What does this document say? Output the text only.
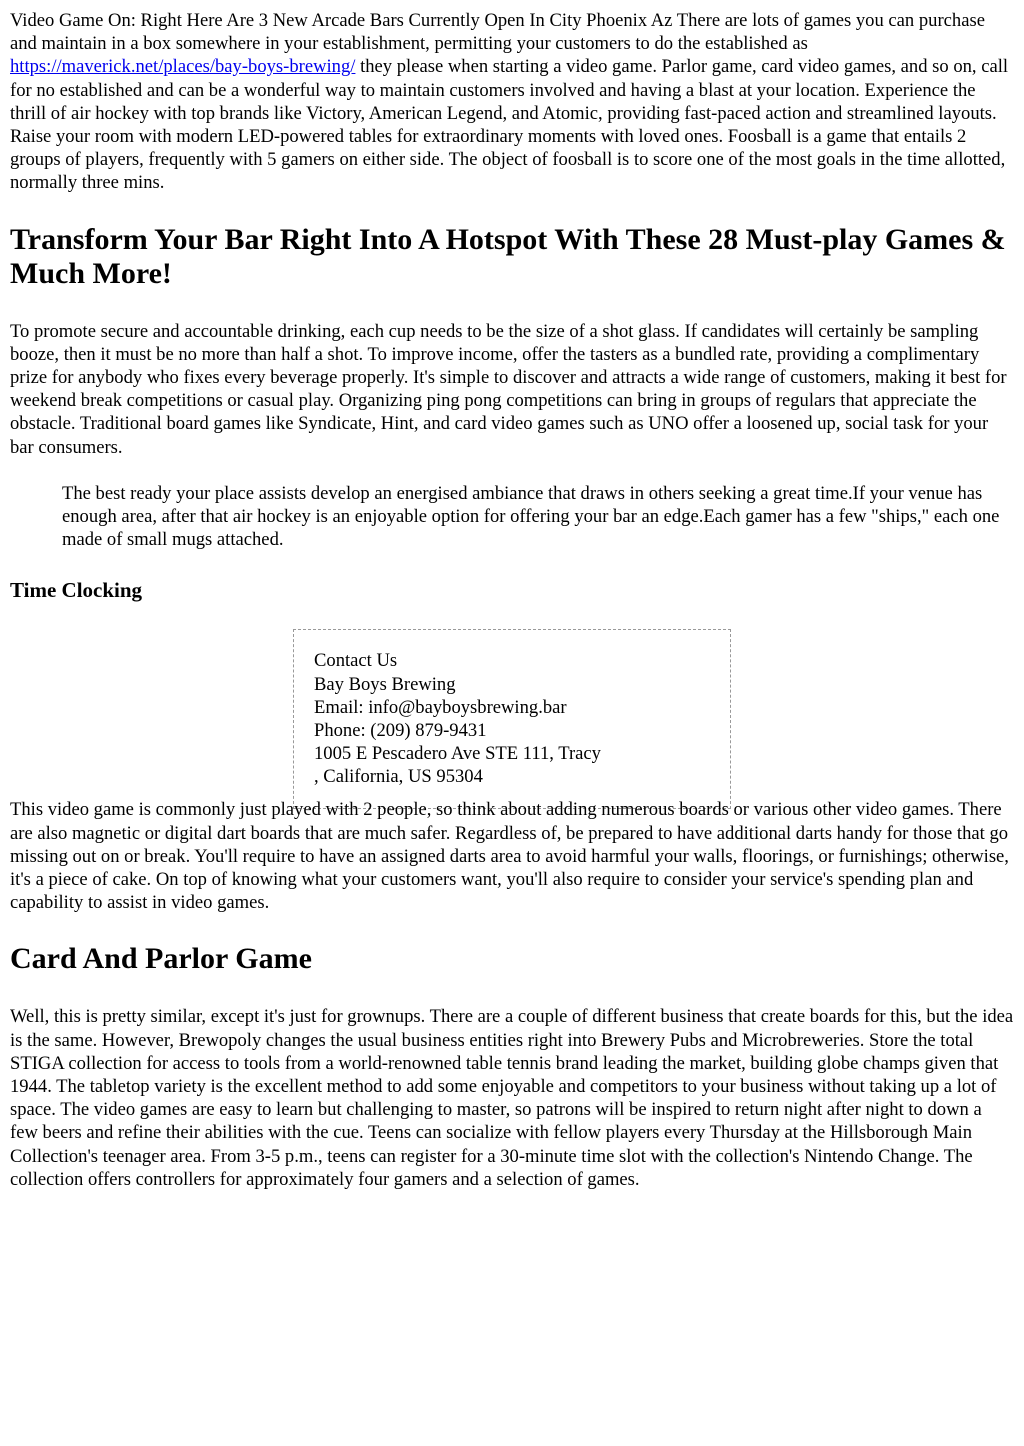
Video Game On: Right Here Are 3 New Arcade Bars Currently Open In City Phoenix Az There are lots of games you can purchase and maintain in a box somewhere in your establishment, permitting your customers to do the established as https://maverick.net/places/bay-boys-brewing/ they please when starting a video game. Parlor game, card video games, and so on, call for no established and can be a wonderful way to maintain customers involved and having a blast at your location. Experience the thrill of air hockey with top brands like Victory, American Legend, and Atomic, providing fast-paced action and streamlined layouts. Raise your room with modern LED-powered tables for extraordinary moments with loved ones. Foosball is a game that entails 2 groups of players, frequently with 5 gamers on either side. The object of foosball is to score one of the most goals in the time allotted, normally three mins.

Transform Your Bar Right Into A Hotspot With These 28 Must-play Games & Much More!

To promote secure and accountable drinking, each cup needs to be the size of a shot glass. If candidates will certainly be sampling booze, then it must be no more than half a shot. To improve income, offer the tasters as a bundled rate, providing a complimentary prize for anybody who fixes every beverage properly. It's simple to discover and attracts a wide range of customers, making it best for weekend break competitions or casual play. Organizing ping pong competitions can bring in groups of regulars that appreciate the obstacle. Traditional board games like Syndicate, Hint, and card video games such as UNO offer a loosened up, social task for your bar consumers.

The best ready your place assists develop an energised ambiance that draws in others seeking a great time.If your venue has enough area, after that air hockey is an enjoyable option for offering your bar an edge.Each gamer has a few "ships," each one made of small mugs attached.
Time Clocking
Contact Us
Bay Boys Brewing
Email: info@bayboysbrewing.bar
Phone: (209) 879-9431
1005 E Pescadero Ave STE 111, Tracy
, California, US 95304

This video game is commonly just played with 2 people, so think about adding numerous boards or various other video games. There are also magnetic or digital dart boards that are much safer. Regardless of, be prepared to have additional darts handy for those that go missing out on or break. You'll require to have an assigned darts area to avoid harmful your walls, floorings, or furnishings; otherwise, it's a piece of cake. On top of knowing what your customers want, you'll also require to consider your service's spending plan and capability to assist in video games.

Card And Parlor Game

Well, this is pretty similar, except it's just for grownups. There are a couple of different business that create boards for this, but the idea is the same. However, Brewopoly changes the usual business entities right into Brewery Pubs and Microbreweries. Store the total STIGA collection for access to tools from a world-renowned table tennis brand leading the market, building globe champs given that 1944. The tabletop variety is the excellent method to add some enjoyable and competitors to your business without taking up a lot of space. The video games are easy to learn but challenging to master, so patrons will be inspired to return night after night to down a few beers and refine their abilities with the cue. Teens can socialize with fellow players every Thursday at the Hillsborough Main Collection's teenager area. From 3-5 p.m., teens can register for a 30-minute time slot with the collection's Nintendo Change. The collection offers controllers for approximately four gamers and a selection of games.
